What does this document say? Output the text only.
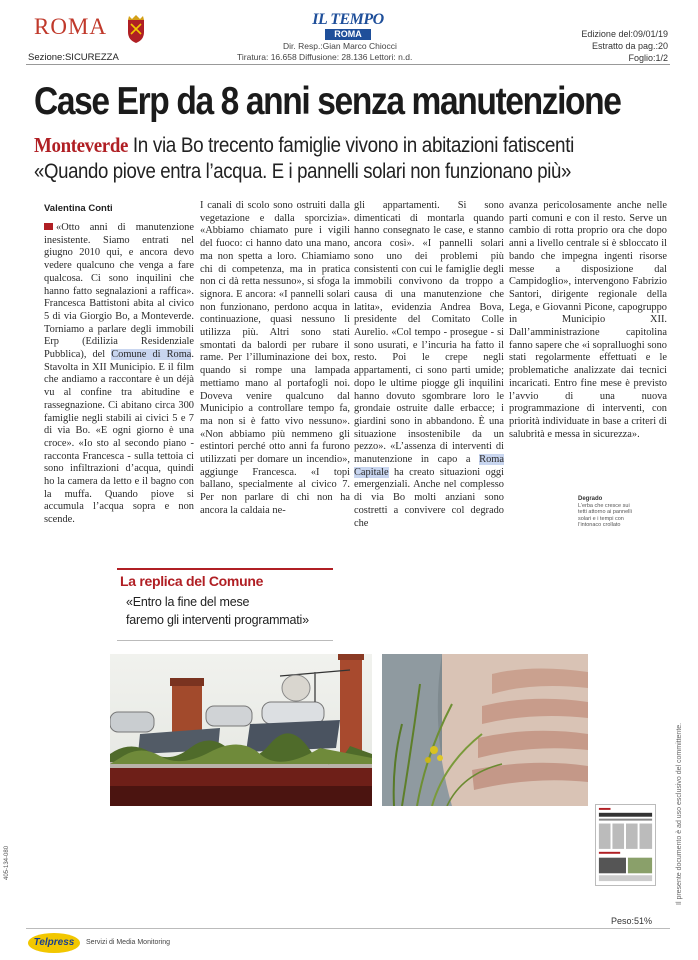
ROMA
Sezione:SICUREZZA
IL TEMPO
ROMA
Dir. Resp.:Gian Marco Chiocci
Tiratura: 16.658 Diffusione: 28.136 Lettori: n.d.
Edizione del:09/01/19
Estratto da pag.:20
Foglio:1/2
Case Erp da 8 anni senza manutenzione
Monteverde In via Bo trecento famiglie vivono in abitazioni fatiscenti
«Quando piove entra l’acqua. E i pannelli solari non funzionano più»
Valentina Conti

«Otto anni di manutenzione inesistente. Siamo entrati nel giugno 2010 qui, e ancora devo vedere qualcuno che venga a fare qualcosa. Ci sono inquilini che hanno fatto segnalazioni a raffica». Francesca Battistoni abita al civico 5 di via Giorgio Bo, a Monteverde. Torniamo a parlare degli immobili Erp (Edilizia Residenziale Pubblica), del Comune di Roma. Stavolta in XII Municipio. E il film che andiamo a raccontare è un déjà vu al confine tra abitudine e rassegnazione. Ci abitano circa 300 famiglie negli stabili ai civici 5 e 7 di via Bo. «E ogni giorno è una croce». «Io sto al secondo piano - racconta Francesca - sulla tettoia ci sono infiltrazioni d’acqua, quindi ho la camera da letto e il bagno con la muffa. Quando piove si accumula l’acqua sopra e non scende.

I canali di scolo sono ostruiti dalla vegetazione e dalla sporcizia». «Abbiamo chiamato pure i vigili del fuoco: ci hanno dato una mano, ma non spetta a loro. Chiamiamo chi di competenza, ma in pratica non ci dà retta nessuno», si sfoga la signora. E ancora: «I pannelli solari non funzionano, perdono acqua in continuazione, quasi nessuno li utilizza più. Altri sono stati smontati da balordi per rubare il rame. Per l’illuminazione dei box, quando si rompe una lampada mettiamo mano al portafogli noi. Doveva venire qualcuno dal Municipio a controllare tempo fa, ma non si è fatto vivo nessuno». «Non abbiamo più nemmeno gli estintori perché otto anni fa furono utilizzati per domare un incendio», aggiunge Francesca. «I topi ballano, specialmente al civico 7. Per non parlare di chi non ha ancora la caldaia ne-

gli appartamenti. Si sono dimenticati di montarla quando hanno consegnato le case, e stanno ancora così». «I pannelli solari sono uno dei problemi più consistenti con cui le famiglie degli immobili convivono da troppo a causa di una manutenzione che latita», evidenzia Andrea Bova, presidente del Comitato Colle Aurelio. «Col tempo - prosegue - si sono usurati, e l’incuria ha fatto il resto. Poi le crepe negli appartamenti, ci sono parti umide; dopo le ultime piogge gli inquilini hanno dovuto sgombrare loro le grondaie ostruite dalle erbacce; i giardini sono in abbandono. È una situazione insostenibile da un pezzo». «L’assenza di interventi di manutenzione in capo a Roma Capitale ha creato situazioni oggi emergenziali. Anche nel complesso di via Bo molti anziani sono costretti a convivere col degrado che

avanza pericolosamente anche nelle parti comuni e con il resto. Serve un cambio di rotta proprio ora che dopo anni a livello centrale si è sbloccato il bando che impegna ingenti risorse messe a disposizione dal Campidoglio», intervengono Fabrizio Santori, dirigente regionale della Lega, e Giovanni Picone, capogruppo in Municipio XII. Dall’amministrazione capitolina fanno sapere che «i sopralluoghi sono stati regolarmente effettuati e le problematiche analizzate dai tecnici incaricati. Entro fine mese è previsto l’avvio di una nuova programmazione di interventi, con priorità individuate in base a criteri di salubrità e messa in sicurezza».

Degrado
L’erba che cresce sui tetti attorno ai pannelli solari e i tempi con l’intonaco crollato
La replica del Comune
«Entro la fine del mese
faremo gli interventi programmati»
Peso:51%
Telpress	Servizi di Media Monitoring
405-134-080	Il presente documento è ad uso esclusivo del committente.
